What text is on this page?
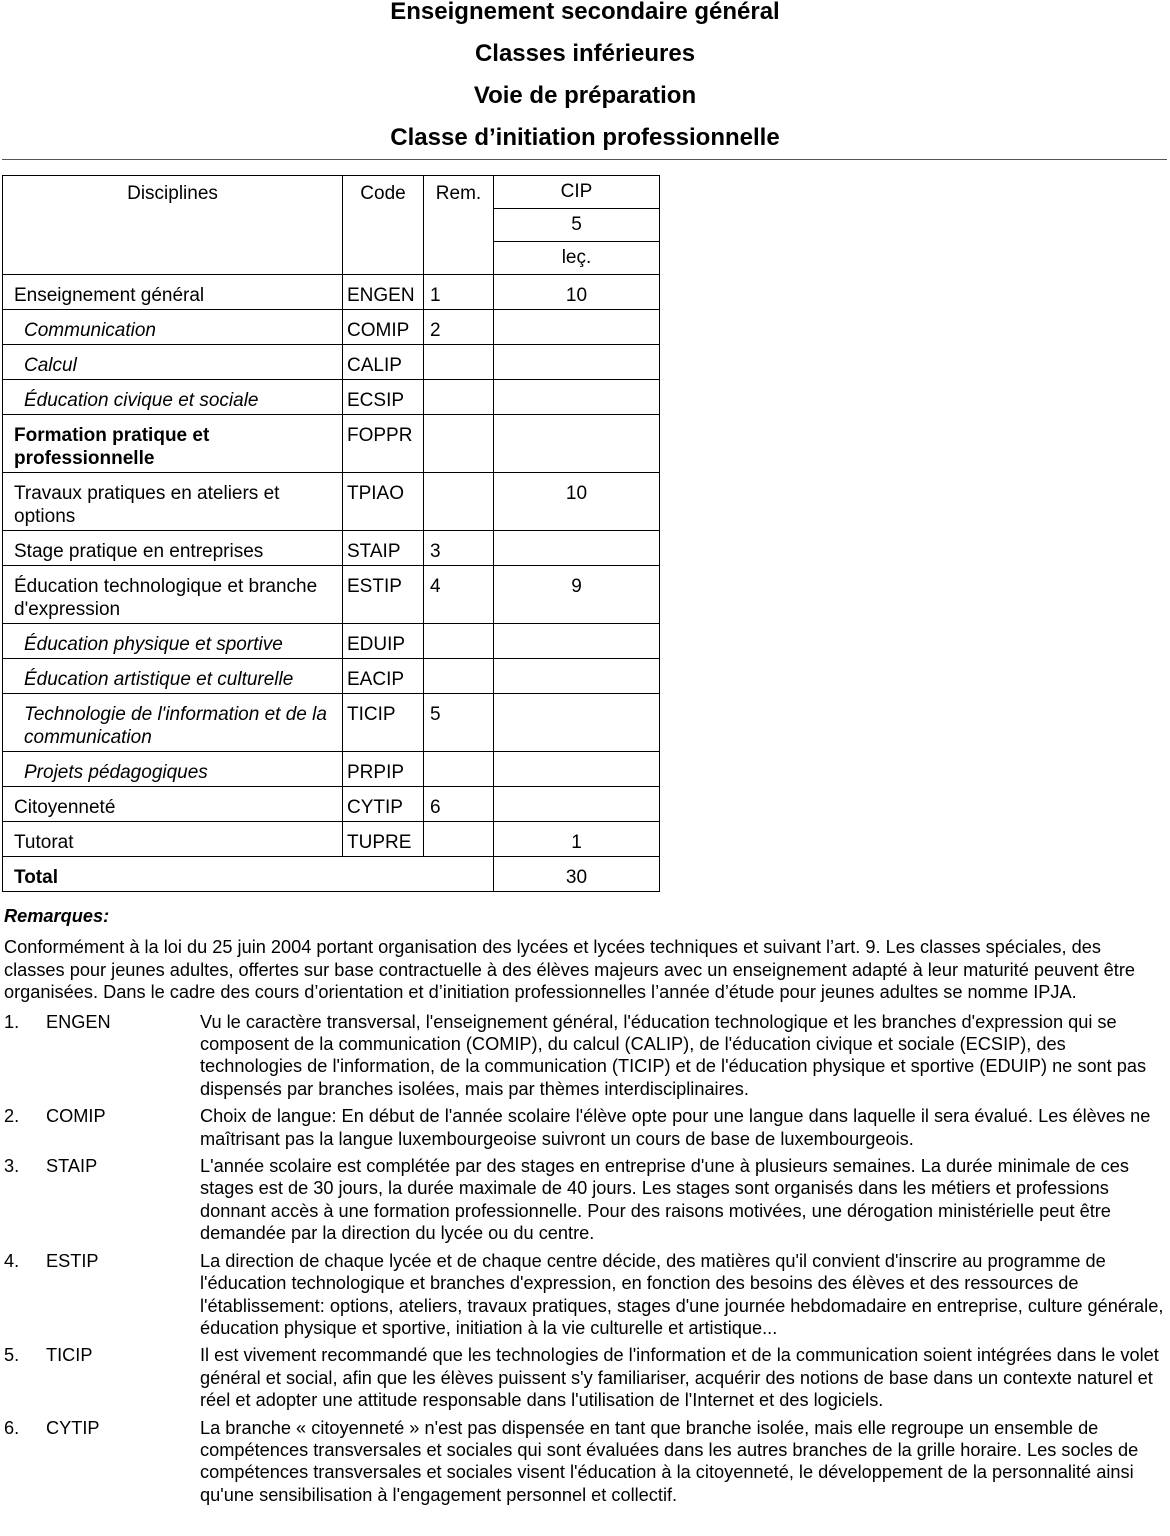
Enseignement secondaire général
Classes inférieures
Voie de préparation
Classe d’initiation professionnelle
Disciplines	Code	Rem.	CIP
			5
			leç.
Enseignement général	ENGEN	1	10
Communication	COMIP	2	
Calcul	CALIP		
Éducation civique et sociale	ECSIP		
Formation pratique et professionnelle	FOPPR		
Travaux pratiques en ateliers et options	TPIAO		10
Stage pratique en entreprises	STAIP	3	
Éducation technologique et branche d'expression	ESTIP	4	9
Éducation physique et sportive	EDUIP		
Éducation artistique et culturelle	EACIP		
Technologie de l'information et de la communication	TICIP	5	
Projets pédagogiques	PRPIP		
Citoyenneté	CYTIP	6	
Tutorat	TUPRE		1
Total			30
Remarques:
Conformément à la loi du 25 juin 2004 portant organisation des lycées et lycées techniques et suivant l’art. 9. Les classes spéciales, des classes pour jeunes adultes, offertes sur base contractuelle à des élèves majeurs avec un enseignement adapté à leur maturité peuvent être organisées. Dans le cadre des cours d’orientation et d’initiation professionnelles l’année d’étude pour jeunes adultes se nomme IPJA.
1.	ENGEN	Vu le caractère transversal, l'enseignement général, l'éducation technologique et les branches d'expression qui se composent de la communication (COMIP), du calcul (CALIP), de l'éducation civique et sociale (ECSIP), des technologies de l'information, de la communication (TICIP) et de l'éducation physique et sportive (EDUIP) ne sont pas dispensés par branches isolées, mais par thèmes interdisciplinaires.
2.	COMIP	Choix de langue: En début de l'année scolaire l'élève opte pour une langue dans laquelle il sera évalué. Les élèves ne maîtrisant pas la langue luxembourgeoise suivront un cours de base de luxembourgeois.
3.	STAIP	L'année scolaire est complétée par des stages en entreprise d'une à plusieurs semaines. La durée minimale de ces stages est de 30 jours, la durée maximale de 40 jours. Les stages sont organisés dans les métiers et professions donnant accès à une formation professionnelle. Pour des raisons motivées, une dérogation ministérielle peut être demandée par la direction du lycée ou du centre.
4.	ESTIP	La direction de chaque lycée et de chaque centre décide, des matières qu'il convient d'inscrire au programme de l'éducation technologique et branches d'expression, en fonction des besoins des élèves et des ressources de l'établissement: options, ateliers, travaux pratiques, stages d'une journée hebdomadaire en entreprise, culture générale, éducation physique et sportive, initiation à la vie culturelle et artistique...
5.	TICIP	Il est vivement recommandé que les technologies de l'information et de la communication soient intégrées dans le volet général et social, afin que les élèves puissent s'y familiariser, acquérir des notions de base dans un contexte naturel et réel et adopter une attitude responsable dans l'utilisation de l'Internet et des logiciels.
6.	CYTIP	La branche « citoyenneté » n'est pas dispensée en tant que branche isolée, mais elle regroupe un ensemble de compétences transversales et sociales qui sont évaluées dans les autres branches de la grille horaire. Les socles de compétences transversales et sociales visent l'éducation à la citoyenneté, le développement de la personnalité ainsi qu'une sensibilisation à l'engagement personnel et collectif.
